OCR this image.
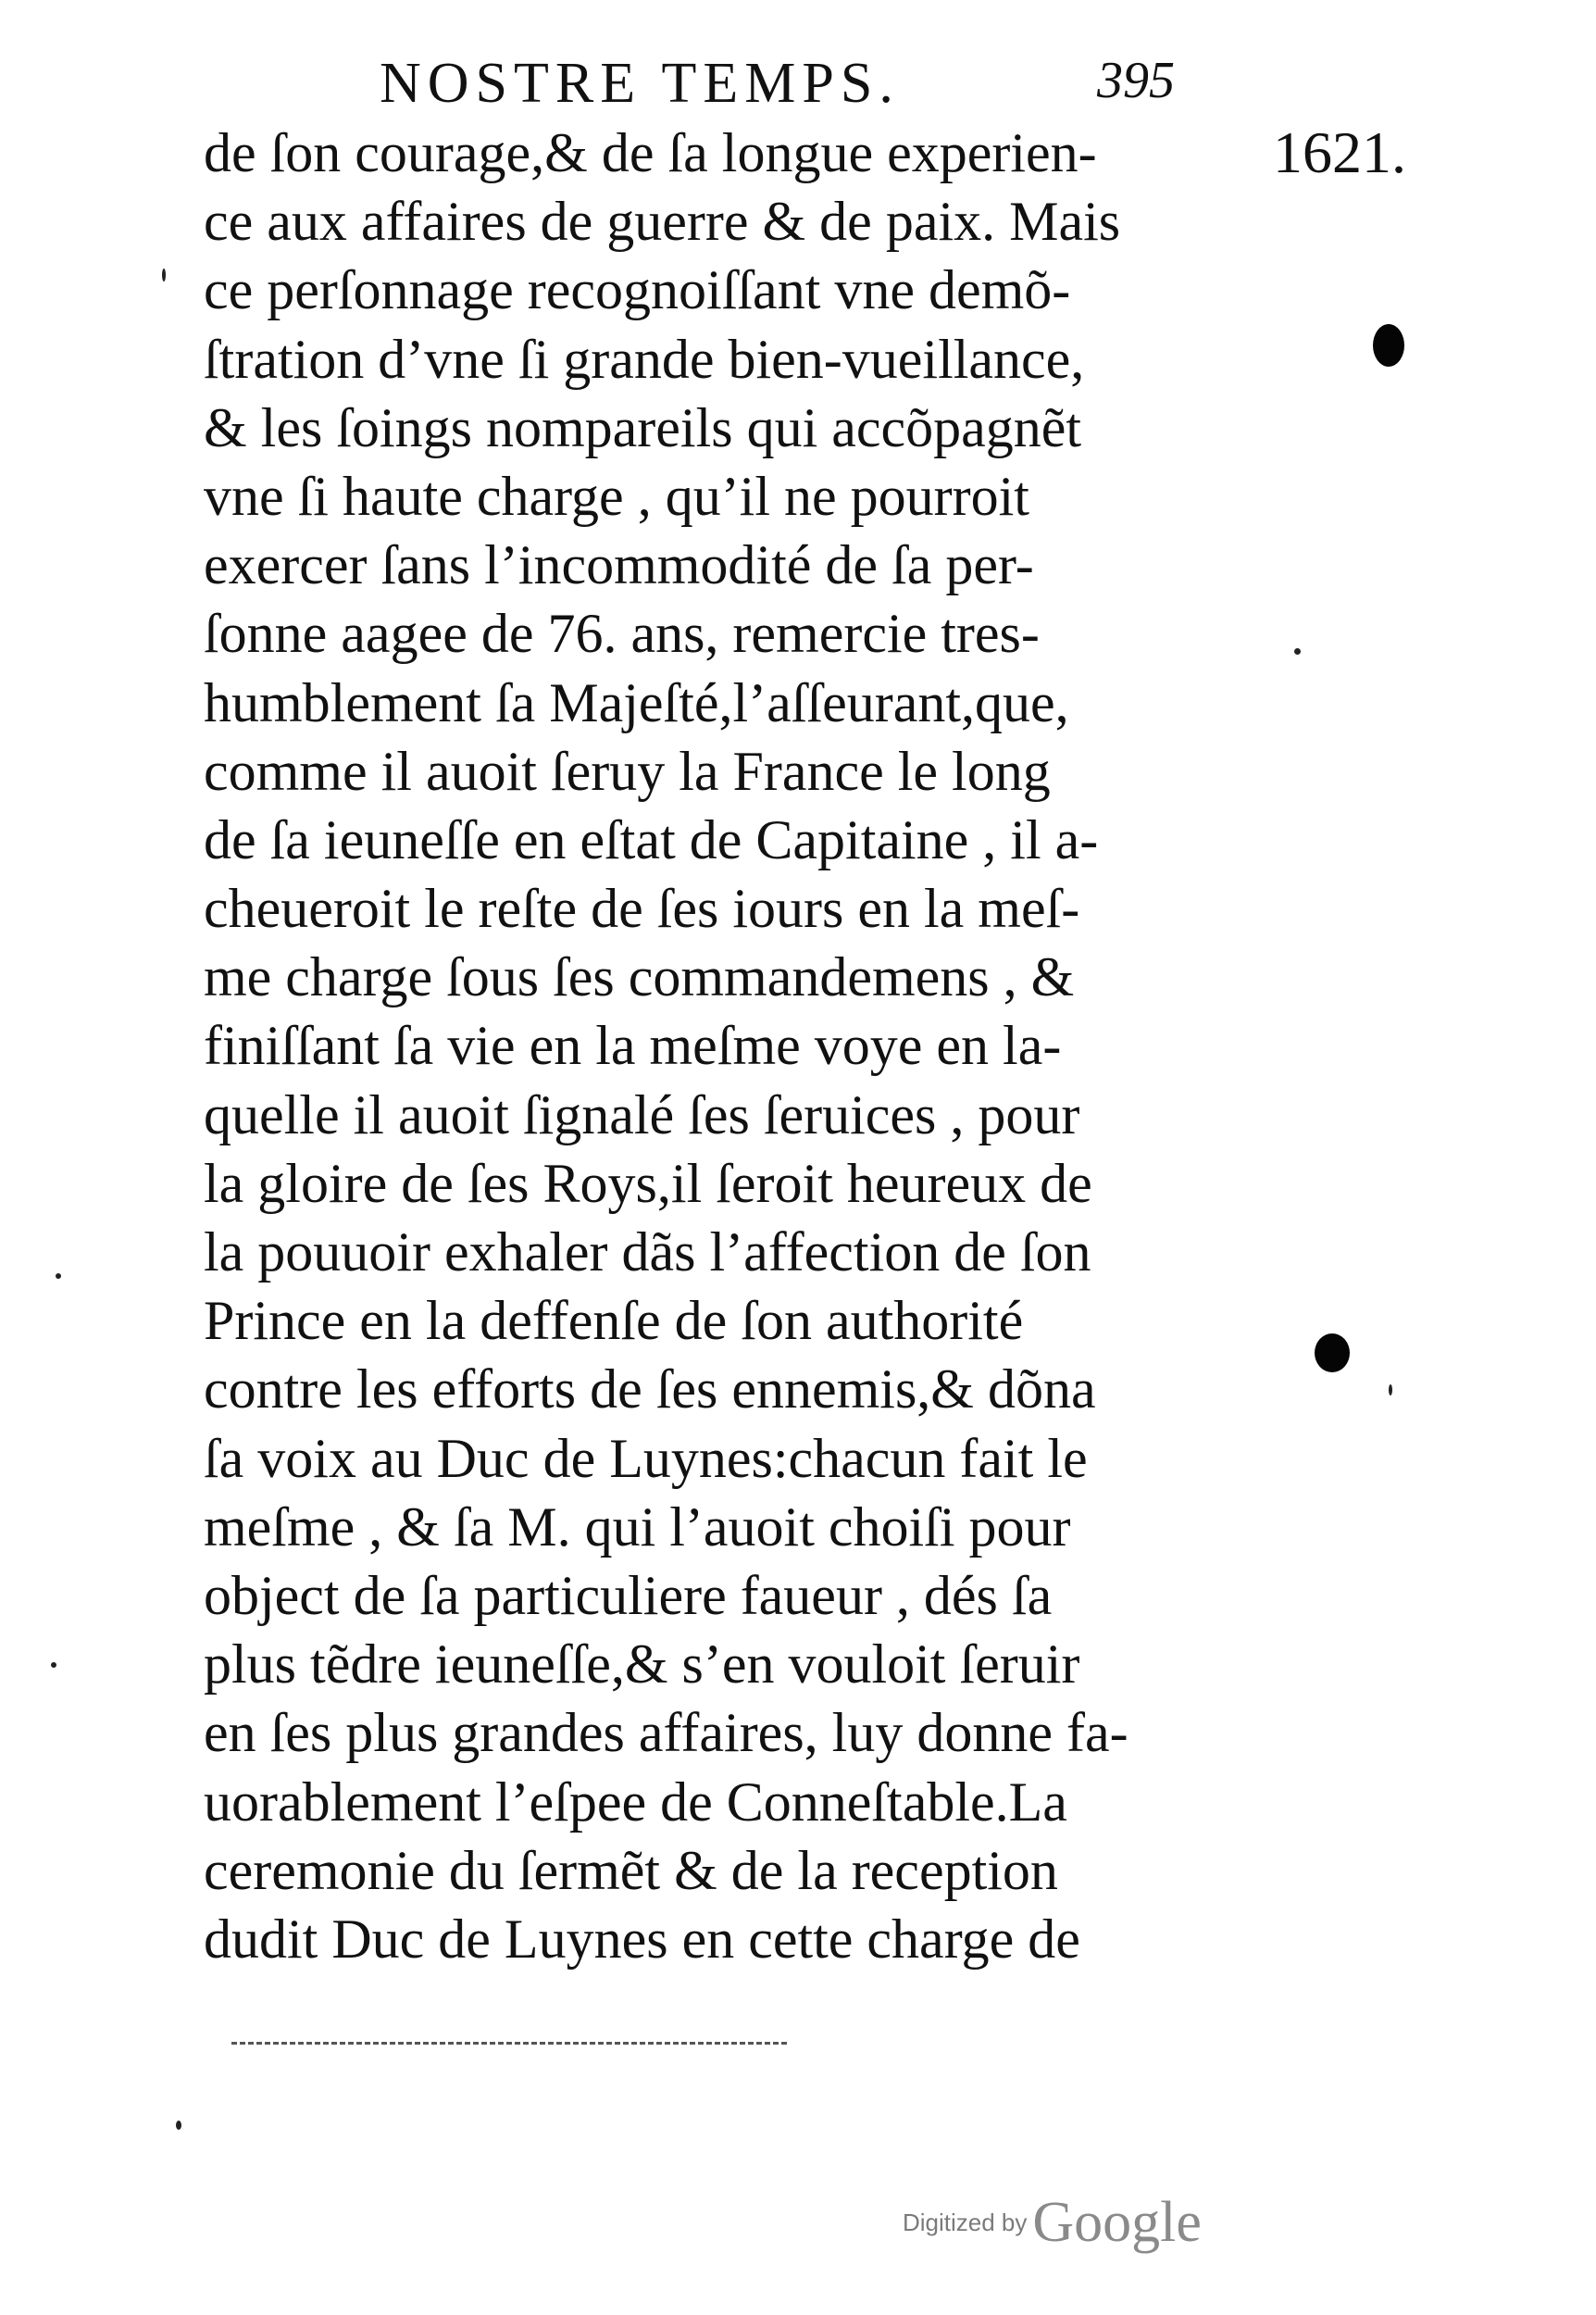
NOSTRE TEMPS.	395
1621.
de ſon courage,& de ſa longue experien-
ce aux affaires de guerre & de paix. Mais
ce perſonnage recognoiſſant vne demõ-
ſtration d’vne ſi grande bien-vueillance,
& les ſoings nompareils qui accõpagnẽt
vne ſi haute charge , qu’il ne pourroit
exercer ſans l’incommodité de ſa per-
ſonne aagee de 76. ans, remercie tres-
humblement ſa Majeſté,l’aſſeurant,que,
comme il auoit ſeruy la France le long
de ſa ieuneſſe en eſtat de Capitaine , il a-
cheueroit le reſte de ſes iours en la meſ-
me charge ſous ſes commandemens , &
finiſſant ſa vie en la meſme voye en la-
quelle il auoit ſignalé ſes ſeruices , pour
la gloire de ſes Roys,il ſeroit heureux de
la pouuoir exhaler dãs l’affection de ſon
Prince en la deffenſe de ſon authorité
contre les efforts de ſes ennemis,& dõna
ſa voix au Duc de Luynes:chacun fait le
meſme , & ſa M. qui l’auoit choiſi pour
object de ſa particuliere faueur , dés ſa
plus tẽdre ieuneſſe,& s’en vouloit ſeruir
en ſes plus grandes affaires, luy donne fa-
uorablement l’eſpee de Conneſtable.La
ceremonie du ſermẽt & de la reception
dudit Duc de Luynes en cette charge de
Digitized byGoogle
